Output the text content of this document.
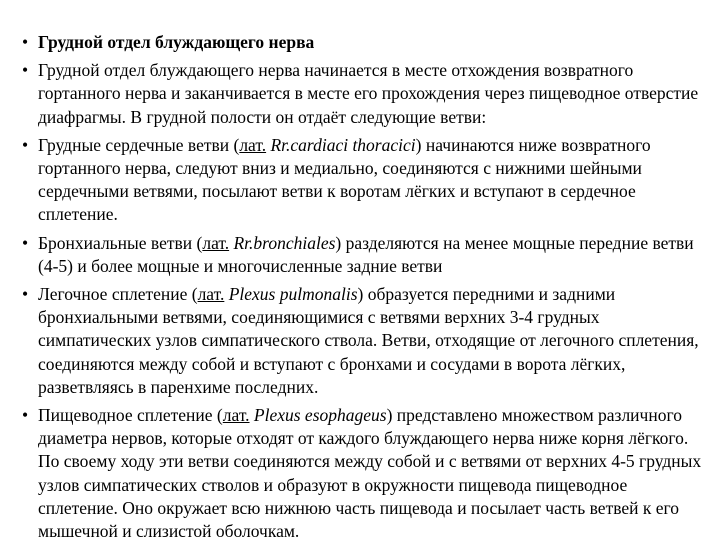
• Грудной отдел блуждающего нерва
• Грудной отдел блуждающего нерва начинается в месте отхождения возвратного гортанного нерва и заканчивается в месте его прохождения через пищеводное отверстие диафрагмы. В грудной полости он отдаёт следующие ветви:
• Грудные сердечные ветви (лат. Rr.cardiaci thoracici) начинаются ниже возвратного гортанного нерва, следуют вниз и медиально, соединяются с нижними шейными сердечными ветвями, посылают ветви к воротам лёгких и вступают в сердечное сплетение.
• Бронхиальные ветви (лат. Rr.bronchiales) разделяются на менее мощные передние ветви (4-5) и более мощные и многочисленные задние ветви
• Легочное сплетение (лат. Plexus pulmonalis) образуется передними и задними бронхиальными ветвями, соединяющимися с ветвями верхних 3-4 грудных симпатических узлов симпатического ствола. Ветви, отходящие от легочного сплетения, соединяются между собой и вступают с бронхами и сосудами в ворота лёгких, разветвляясь в паренхиме последних.
• Пищеводное сплетение (лат. Plexus esophageus) представлено множеством различного диаметра нервов, которые отходят от каждого блуждающего нерва ниже корня лёгкого. По своему ходу эти ветви соединяются между собой и с ветвями от верхних 4-5 грудных узлов симпатических стволов и образуют в окружности пищевода пищеводное сплетение. Оно окружает всю нижнюю часть пищевода и посылает часть ветвей к его мышечной и слизистой оболочкам.
